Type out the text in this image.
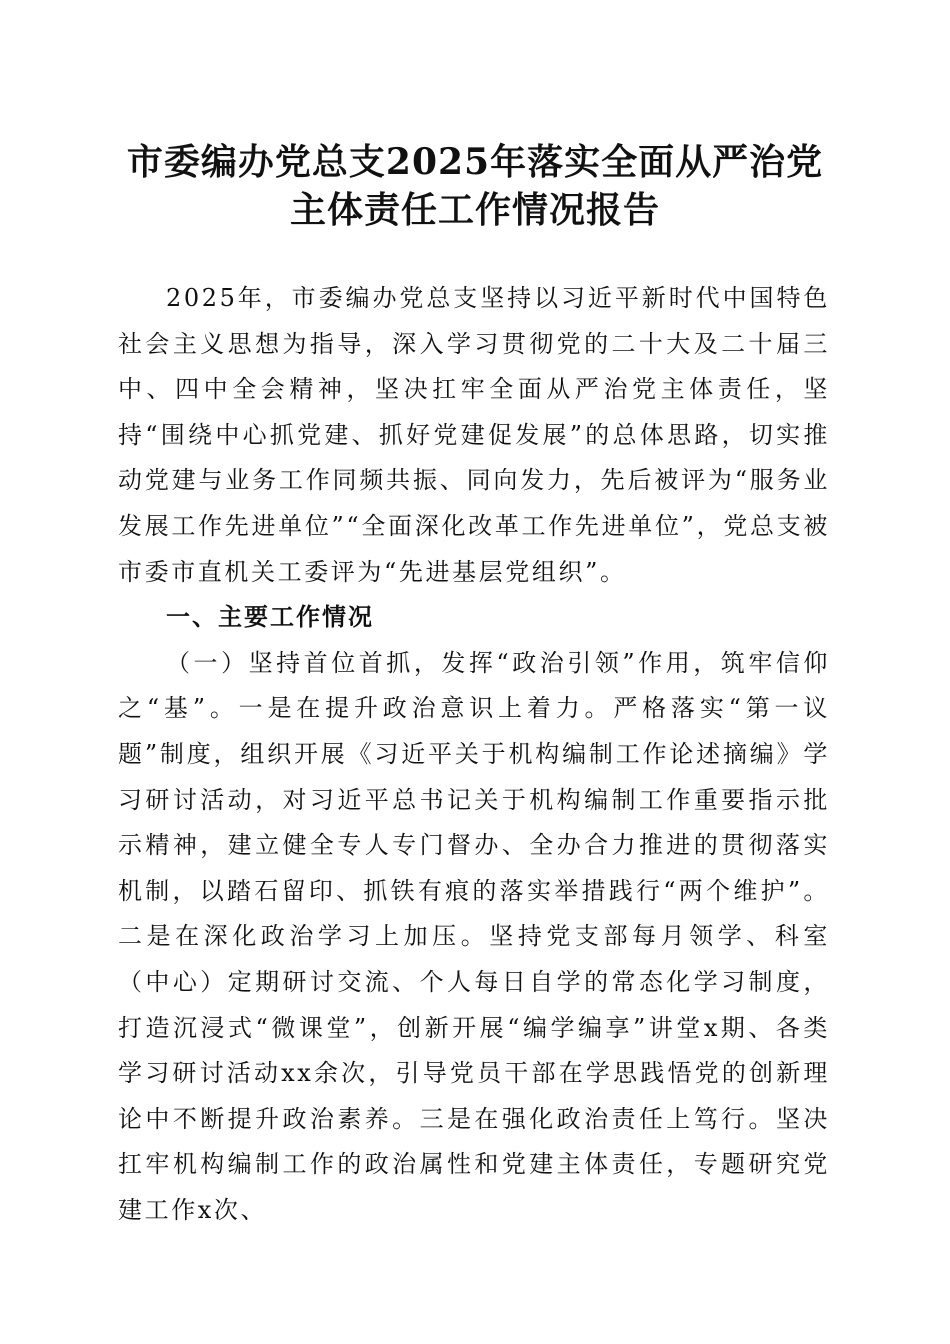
市委编办党总支2025年落实全面从严治党主体责任工作情况报告

2025年，市委编办党总支坚持以习近平新时代中国特色社会主义思想为指导，深入学习贯彻党的二十大及二十届三中、四中全会精神，坚决扛牢全面从严治党主体责任，坚持“围绕中心抓党建、抓好党建促发展”的总体思路，切实推动党建与业务工作同频共振、同向发力，先后被评为“服务业发展工作先进单位”“全面深化改革工作先进单位”，党总支被市委市直机关工委评为“先进基层党组织”。

一、主要工作情况

（一）坚持首位首抓，发挥“政治引领”作用，筑牢信仰之“基”。一是在提升政治意识上着力。严格落实“第一议题”制度，组织开展《习近平关于机构编制工作论述摘编》学习研讨活动，对习近平总书记关于机构编制工作重要指示批示精神，建立健全专人专门督办、全办合力推进的贯彻落实机制，以踏石留印、抓铁有痕的落实举措践行“两个维护”。二是在深化政治学习上加压。坚持党支部每月领学、科室（中心）定期研讨交流、个人每日自学的常态化学习制度，打造沉浸式“微课堂”，创新开展“编学编享”讲堂x期、各类学习研讨活动xx余次，引导党员干部在学思践悟党的创新理论中不断提升政治素养。三是在强化政治责任上笃行。坚决扛牢机构编制工作的政治属性和党建主体责任，专题研究党建工作x次、
